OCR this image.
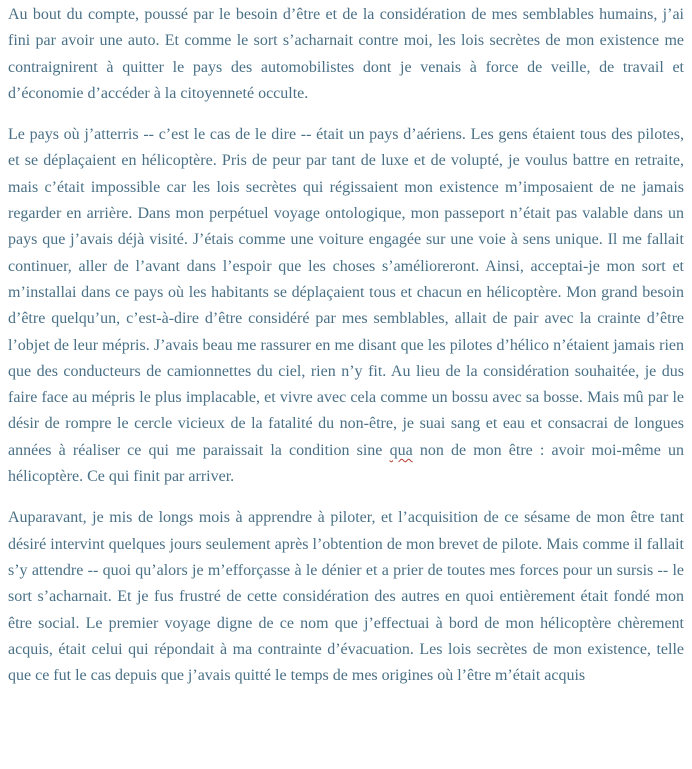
Au bout du compte, poussé par le besoin d’être et de la considération de mes semblables humains, j’ai fini par avoir une auto. Et comme le sort s’acharnait contre moi, les lois secrètes de mon existence me contraignirent à quitter le pays des automobilistes dont je venais à force de veille, de travail et d’économie d’accéder à la citoyenneté occulte.

Le pays où j’atterris -- c’est le cas de le dire -- était un pays d’aériens. Les gens étaient tous des pilotes, et se déplaçaient en hélicoptère. Pris de peur par tant de luxe et de volupté, je voulus battre en retraite, mais c’était impossible car les lois secrètes qui régissaient mon existence m’imposaient de ne jamais regarder en arrière. Dans mon perpétuel voyage ontologique, mon passeport n’était pas valable dans un pays que j’avais déjà visité. J’étais comme une voiture engagée sur une voie à sens unique. Il me fallait continuer, aller de l’avant dans l’espoir que les choses s’amélioreront. Ainsi, acceptai-je mon sort et m’installai dans ce pays où les habitants se déplaçaient tous et chacun en hélicoptère. Mon grand besoin d’être quelqu’un, c’est-à-dire d’être considéré par mes semblables, allait de pair avec la crainte d’être l’objet de leur mépris. J’avais beau me rassurer en me disant que les pilotes d’hélico n’étaient jamais rien que des conducteurs de camionnettes du ciel, rien n’y fit. Au lieu de la considération souhaitée, je dus faire face au mépris le plus implacable, et vivre avec cela comme un bossu avec sa bosse. Mais mû par le désir de rompre le cercle vicieux de la fatalité du non-être, je suai sang et eau et consacrai de longues années à réaliser ce qui me paraissait la condition sine qua non de mon être : avoir moi-même un hélicoptère. Ce qui finit par arriver.

Auparavant, je mis de longs mois à apprendre à piloter, et l’acquisition de ce sésame de mon être tant désiré intervint quelques jours seulement après l’obtention de mon brevet de pilote. Mais comme il fallait s’y attendre -- quoi qu’alors je m’efforçasse à le dénier et a prier de toutes mes forces pour un sursis -- le sort s’acharnait. Et je fus frustré de cette considération des autres en quoi entièrement était fondé mon être social. Le premier voyage digne de ce nom que j’effectuai à bord de mon hélicoptère chèrement acquis, était celui qui répondait à ma contrainte d’évacuation. Les lois secrètes de mon existence, telle que ce fut le cas depuis que j’avais quitté le temps de mes origines où l’être m’était acquis
